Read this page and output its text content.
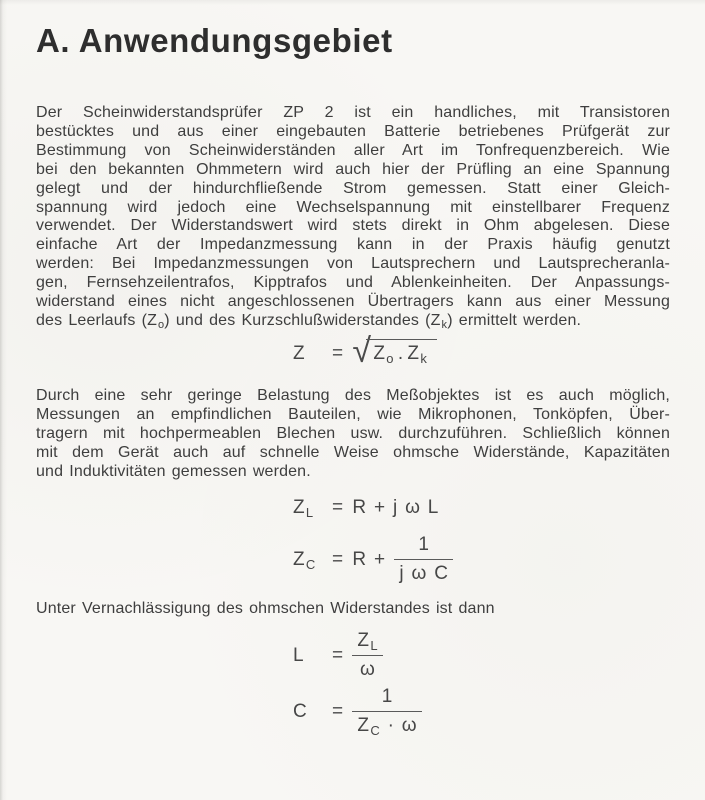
A. Anwendungsgebiet
Der Scheinwiderstandsprüfer ZP 2 ist ein handliches, mit Transistoren
bestücktes und aus einer eingebauten Batterie betriebenes Prüfgerät zur
Bestimmung von Scheinwiderständen aller Art im Tonfrequenzbereich. Wie
bei den bekannten Ohmmetern wird auch hier der Prüfling an eine Spannung
gelegt und der hindurchfließende Strom gemessen. Statt einer Gleich-
spannung wird jedoch eine Wechselspannung mit einstellbarer Frequenz
verwendet. Der Widerstandswert wird stets direkt in Ohm abgelesen. Diese
einfache Art der Impedanzmessung kann in der Praxis häufig genutzt
werden: Bei Impedanzmessungen von Lautsprechern und Lautsprecheranla-
gen, Fernsehzeilentrafos, Kipptrafos und Ablenkeinheiten. Der Anpassungs-
widerstand eines nicht angeschlossenen Übertragers kann aus einer Messung
des Leerlaufs $(Z_o)$ und des Kurzschlußwiderstandes $(Z_k)$ ermittelt werden.
Z	= √ $Z_o$ . $Z_k$
Durch eine sehr geringe Belastung des Meßobjektes ist es auch möglich,
Messungen an empfindlichen Bauteilen, wie Mikrophonen, Tonköpfen, Über-
tragern mit hochpermeablen Blechen usw. durchzuführen. Schließlich können
mit dem Gerät auch auf schnelle Weise ohmsche Widerstände, Kapazitäten
und Induktivitäten gemessen werden.
$Z_L = R + j$ ω L
$Z_C = R + \frac{1}{\text{j ω C}}$
Unter Vernachlässigung des ohmschen Widerstandes ist dann
L	= $\frac{Z_L}{\omega}$
C	= $\frac{1}{Z_C \cdot \omega}$
